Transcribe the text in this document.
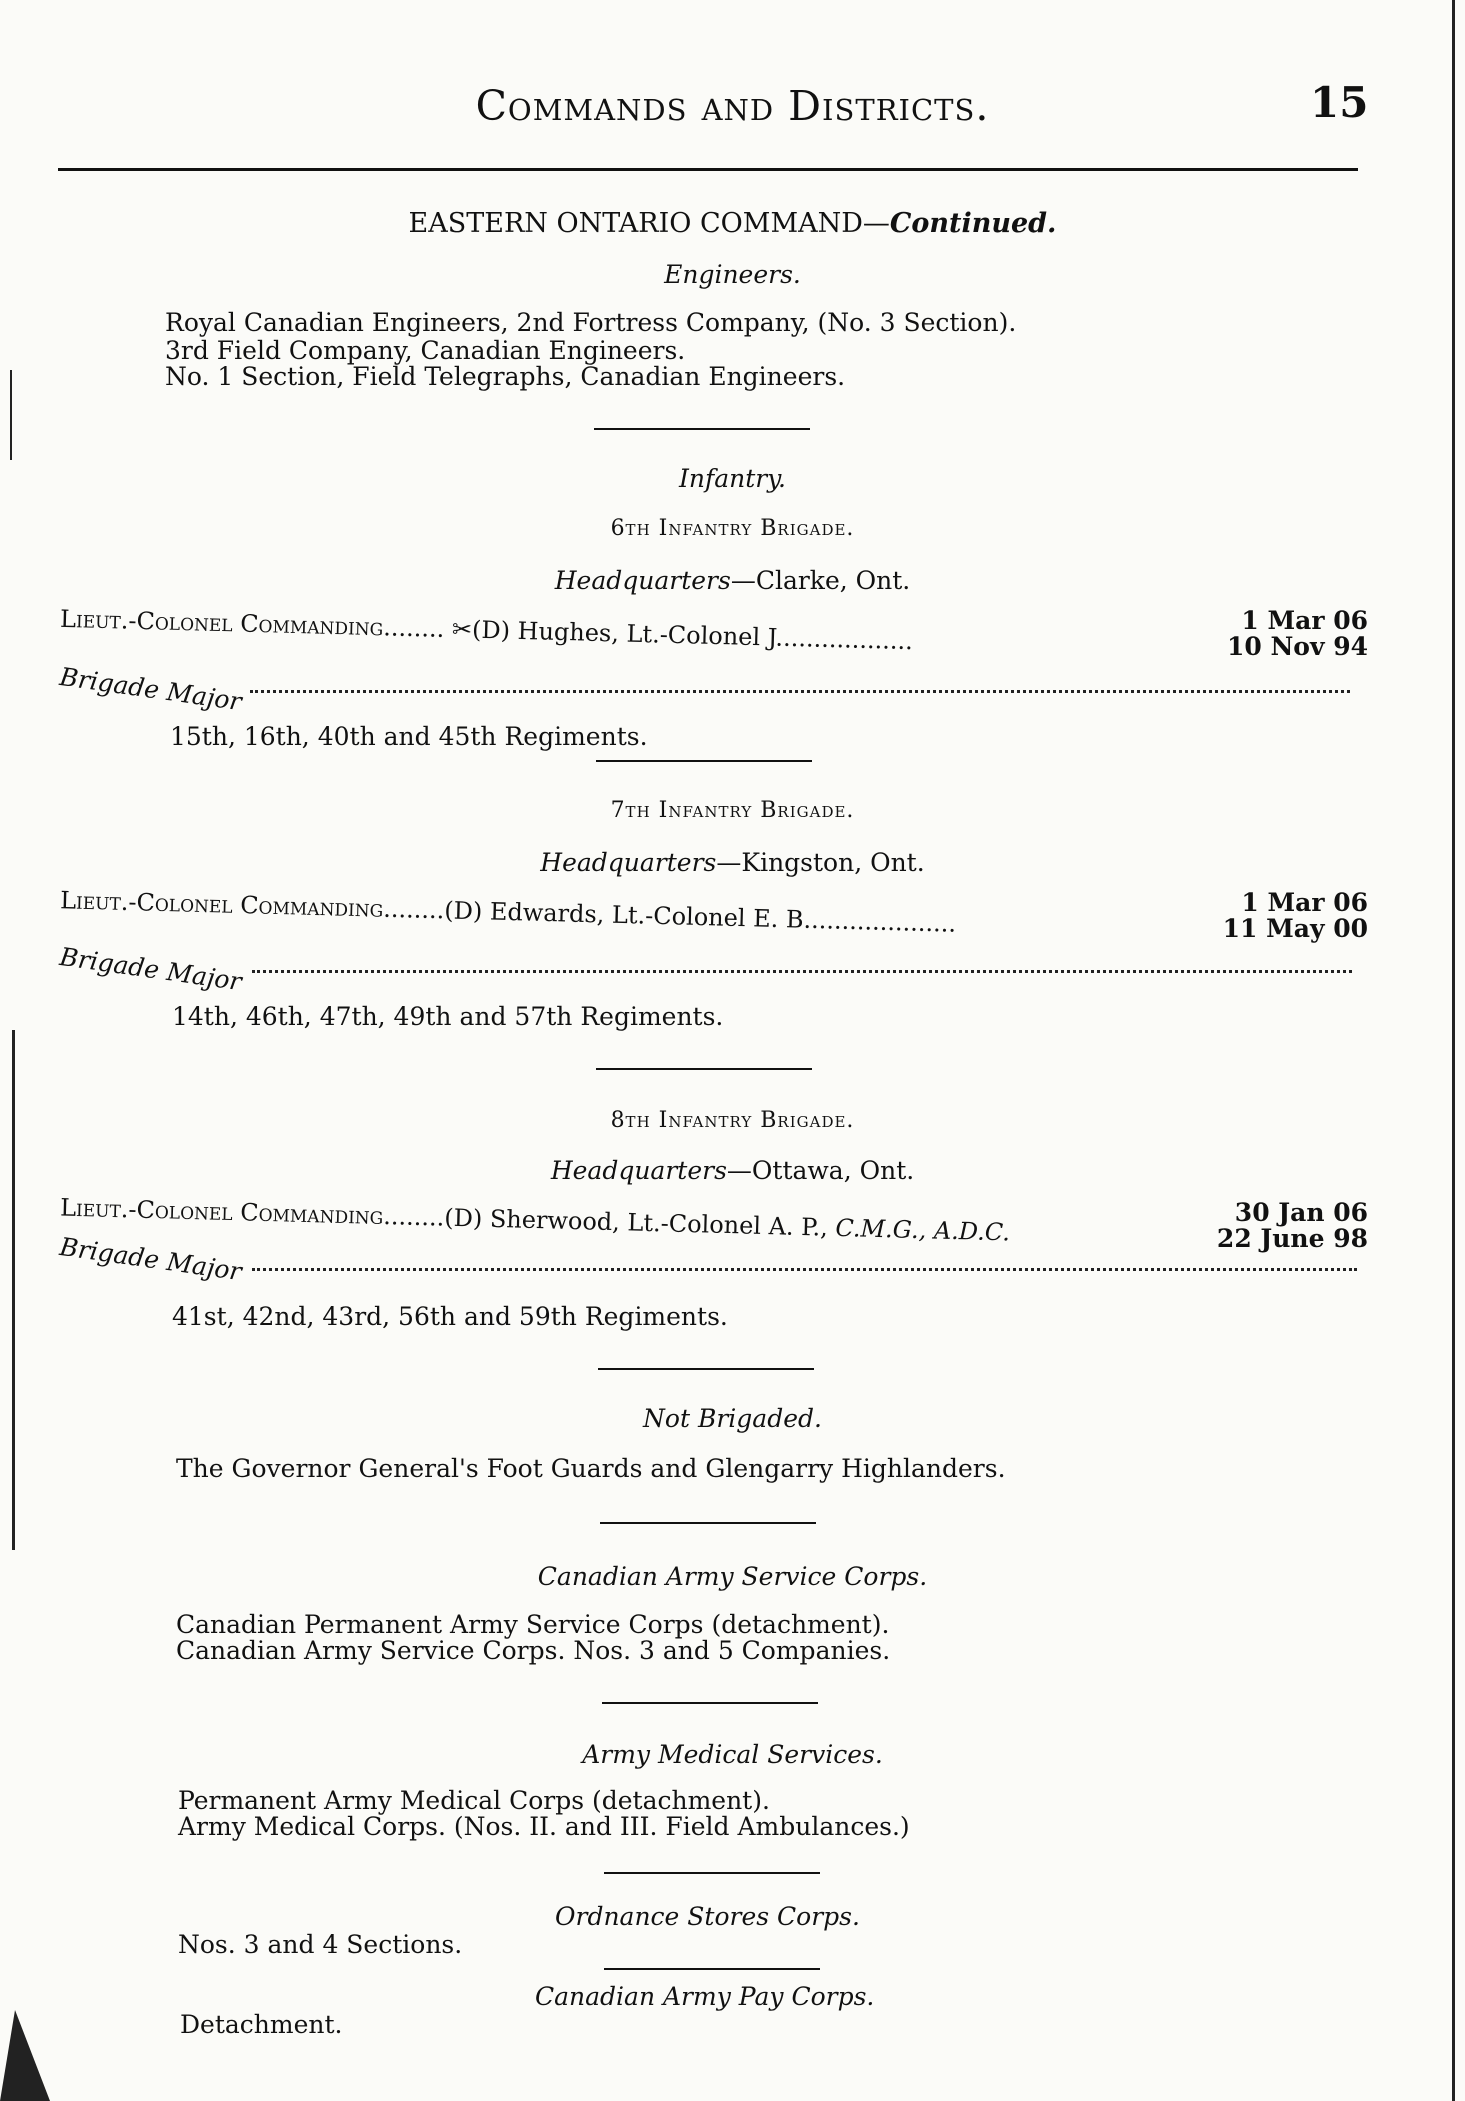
Commands and Districts.	15
EASTERN ONTARIO COMMAND—Continued.
Engineers.
Royal Canadian Engineers, 2nd Fortress Company, (No. 3 Section).
3rd Field Company, Canadian Engineers.
No. 1 Section, Field Telegraphs, Canadian Engineers.
Infantry.
6th Infantry Brigade.
Headquarters—Clarke, Ont.
Lieut.-Colonel Commanding........ ✂(D) Hughes, Lt.-Colonel J..................
1 Mar 06
10 Nov 94
Brigade Major
15th, 16th, 40th and 45th Regiments.
7th Infantry Brigade.
Headquarters—Kingston, Ont.
Lieut.-Colonel Commanding........(D) Edwards, Lt.-Colonel E. B....................
1 Mar 06
11 May 00
Brigade Major
14th, 46th, 47th, 49th and 57th Regiments.
8th Infantry Brigade.
Headquarters—Ottawa, Ont.
Lieut.-Colonel Commanding........(D) Sherwood, Lt.-Colonel A. P., C.M.G., A.D.C.
30 Jan 06
22 June 98
Brigade Major
41st, 42nd, 43rd, 56th and 59th Regiments.
Not Brigaded.
The Governor General's Foot Guards and Glengarry Highlanders.
Canadian Army Service Corps.
Canadian Permanent Army Service Corps (detachment).
Canadian Army Service Corps. Nos. 3 and 5 Companies.
Army Medical Services.
Permanent Army Medical Corps (detachment).
Army Medical Corps. (Nos. II. and III. Field Ambulances.)
Ordnance Stores Corps.
Nos. 3 and 4 Sections.
Canadian Army Pay Corps.
Detachment.
